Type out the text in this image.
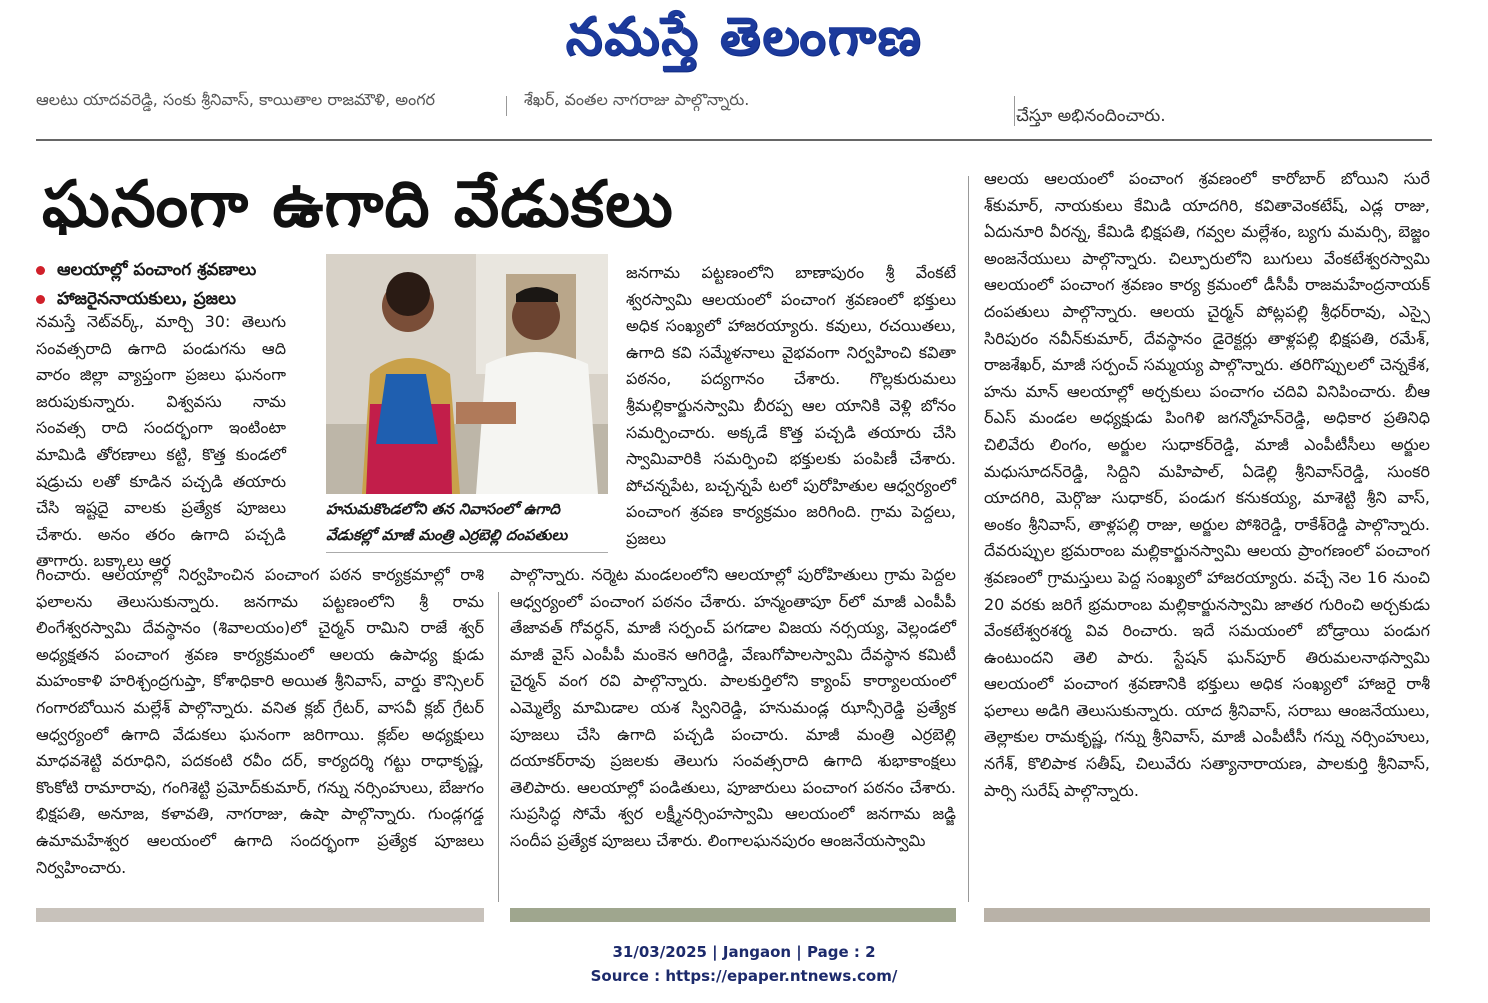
నమస్తే తెలంగాణ
ఆలటు యాదవరెడ్డి, సంకు శ్రీనివాస్, కాయితాల రాజమౌళి, అంగర	శేఖర్, వంతల నాగరాజు పాల్గొన్నారు.
చేస్తూ అభినందించారు.
ఘనంగా ఉగాది వేడుకలు
ఆలయాల్లో పంచాంగ శ్రవణాలు
హాజరైననాయకులు, ప్రజలు
హనుమకొండలోని తన నివాసంలో ఉగాది వేడుకల్లో మాజీ మంత్రి ఎర్రబెల్లి దంపతులు

నమస్తే నెట్‌వర్క్, మార్చి 30: తెలుగు సంవత్సరాది ఉగాది పండుగను ఆది వారం జిల్లా వ్యాప్తంగా ప్రజలు ఘనంగా జరుపుకున్నారు. విశ్వవసు నామ సంవత్స రాది సందర్భంగా ఇంటింటా మామిడి తోరణాలు కట్టి, కొత్త కుండలో షడ్రుచు లతో కూడిన పచ్చడి తయారు చేసి ఇష్టదై వాలకు ప్రత్యేక పూజలు చేశారు. అనం తరం ఉగాది పచ్చడి తాగారు. బక్కాలు ఆర

గించారు. ఆలయాల్లో నిర్వహించిన పంచాంగ పఠన కార్యక్రమాల్లో రాశి ఫలాలను తెలుసుకున్నారు. జనగామ పట్టణంలోని శ్రీ రామ లింగేశ్వరస్వామి దేవస్థానం (శివాలయం)లో చైర్మన్ రామిని రాజే శ్వర్ అధ్యక్షతన పంచాంగ శ్రవణ కార్యక్రమంలో ఆలయ ఉపాధ్య క్షుడు మహంకాళి హరిశ్చంద్రగుప్తా, కోశాధికారి అయిత శ్రీనివాస్, వార్డు కౌన్సిలర్ గంగారబోయిన మల్లేశ్ పాల్గొన్నారు. వనిత క్లబ్ గ్రేటర్, వాసవీ క్లబ్ గ్రేటర్ ఆధ్వర్యంలో ఉగాది వేడుకలు ఘనంగా జరిగాయి. క్లబ్‌ల అధ్యక్షులు మాధవశెట్టి వరూధిని, పదకంటి రవీం దర్, కార్యదర్శి గట్టు రాధాకృష్ణ, కొంకోటి రామారావు, గంగిశెట్టి ప్రమోద్‌కుమార్, గన్ను నర్సింహులు, బేజుగం భిక్షపతి, అనూజ, కళావతి, నాగరాజు, ఉషా పాల్గొన్నారు. గుండ్లగడ్డ ఉమామహేశ్వర ఆలయంలో ఉగాది సందర్భంగా ప్రత్యేక పూజలు నిర్వహించారు.

జనగామ పట్టణంలోని బాణాపురం శ్రీ వేంకటే శ్వరస్వామి ఆలయంలో పంచాంగ శ్రవణంలో భక్తులు అధిక సంఖ్యలో హాజరయ్యారు. కవులు, రచయితలు, ఉగాది కవి సమ్మేళనాలు వైభవంగా నిర్వహించి కవితా పఠనం, పద్యగానం చేశారు. గొల్లకురుమలు శ్రీమల్లికార్జునస్వామి బీరప్ప ఆల యానికి వెళ్లి బోనం సమర్పించారు. అక్కడే కొత్త పచ్చడి తయారు చేసి స్వామివారికి సమర్పించి భక్తులకు పంపిణీ చేశారు. పోచన్నపేట, బచ్చన్నపే టలో పురోహితుల ఆధ్వర్యంలో పంచాంగ శ్రవణ కార్యక్రమం జరిగింది. గ్రామ పెద్దలు, ప్రజలు

పాల్గొన్నారు. నర్మెట మండలంలోని ఆలయాల్లో పురోహితులు గ్రామ పెద్దల ఆధ్వర్యంలో పంచాంగ పఠనం చేశారు. హన్మంతాపూ ర్‌లో మాజీ ఎంపీపీ తేజావత్ గోవర్ధన్, మాజీ సర్పంచ్ పగడాల విజయ నర్సయ్య, వెల్లండలో మాజీ వైస్ ఎంపీపీ మంకెన ఆగిరెడ్డి, వేణుగోపాలస్వామి దేవస్థాన కమిటీ చైర్మన్ వంగ రవి పాల్గొన్నారు. పాలకుర్తిలోని క్యాంప్ కార్యాలయంలో ఎమ్మెల్యే మామిడాల యశ స్వినిరెడ్డి, హనుమండ్ల ఝాన్సీరెడ్డి ప్రత్యేక పూజలు చేసి ఉగాది పచ్చడి పంచారు. మాజీ మంత్రి ఎర్రబెల్లి దయాకర్‌రావు ప్రజలకు తెలుగు సంవత్సరాది ఉగాది శుభాకాంక్షలు తెలిపారు. ఆలయాల్లో పండితులు, పూజారులు పంచాంగ పఠనం చేశారు. సుప్రసిద్ధ సోమే శ్వర లక్ష్మీనర్సింహస్వామి ఆలయంలో జనగామ జడ్జి సందీప ప్రత్యేక పూజలు చేశారు. లింగాలఘనపురం ఆంజనేయస్వామి

ఆలయ ఆలయంలో పంచాంగ శ్రవణంలో కారోబార్ బోయిని సురే శ్‌కుమార్, నాయకులు కేమిడి యాదగిరి, కవితావెంకటేష్, ఎడ్ల రాజు, ఏదునూరి వీరన్న, కేమిడి భిక్షపతి, గవ్వల మల్లేశం, బ్యగు మమర్సి, బెజ్జం అంజనేయులు పాల్గొన్నారు. చిల్పూరులోని బుగులు వేంకటేశ్వరస్వామి ఆలయంలో పంచాంగ శ్రవణం కార్య క్రమంలో డీసీపీ రాజమహేంద్రనాయక్ దంపతులు పాల్గొన్నారు. ఆలయ చైర్మన్ పోట్లపల్లి శ్రీధర్‌రావు, ఎస్సై సిరిపురం నవీన్‌కుమార్, దేవస్థానం డైరెక్టర్లు తాళ్లపల్లి భిక్షపతి, రమేశ్, రాజశేఖర్, మాజీ సర్పంచ్ సమ్మయ్య పాల్గొన్నారు. తరిగొప్పులలో చెన్నకేశ, హను మాన్ ఆలయాల్లో అర్చకులు పంచాగం చదివి వినిపించారు. బీఆ ర్‌ఎస్ మండల అధ్యక్షుడు పింగిళి జగన్మోహన్‌రెడ్డి, అధికార ప్రతినిధి చిలివేరు లింగం, అర్జుల సుధాకర్‌రెడ్డి, మాజీ ఎంపీటీసీలు అర్జుల మధుసూదన్‌రెడ్డి, సిద్దిని మహిపాల్, ఏడెల్లి శ్రీనివాస్‌రెడ్డి, సుంకరి యాదగిరి, మెర్గొజు సుధాకర్, పండుగ కనుకయ్య, మాశెట్టి శ్రీని వాస్, అంకం శ్రీనివాస్, తాళ్లపల్లి రాజు, అర్జుల పోశిరెడ్డి, రాకేశ్‌రెడ్డి పాల్గొన్నారు. దేవరుప్పుల భ్రమరాంబ మల్లికార్జునస్వామి ఆలయ ప్రాంగణంలో పంచాంగ శ్రవణంలో గ్రామస్తులు పెద్ద సంఖ్యలో హాజరయ్యారు. వచ్చే నెల 16 నుంచి 20 వరకు జరిగే భ్రమరాంబ మల్లికార్జునస్వామి జాతర గురించి అర్చకుడు వేంకటేశ్వరశర్మ వివ రించారు. ఇదే సమయంలో బోడ్రాయి పండుగ ఉంటుందని తెలి పారు. స్టేషన్ ఘన్‌పూర్ తిరుమలనాథస్వామి ఆలయంలో పంచాంగ శ్రవణానికి భక్తులు అధిక సంఖ్యలో హాజరై రాశీ ఫలాలు అడిగి తెలుసుకున్నారు. యాద శ్రీనివాస్, సరాబు ఆంజనేయులు, తెల్లాకుల రామకృష్ణ, గన్ను శ్రీనివాస్, మాజీ ఎంపీటీసీ గన్ను నర్సింహులు, నగేశ్, కొలిపాక సతీష్, చిలువేరు సత్యానారాయణ, పాలకుర్తి శ్రీనివాస్, పార్సి సురేష్ పాల్గొన్నారు.

31/03/2025 | Jangaon | Page : 2
Source : https://epaper.ntnews.com/
